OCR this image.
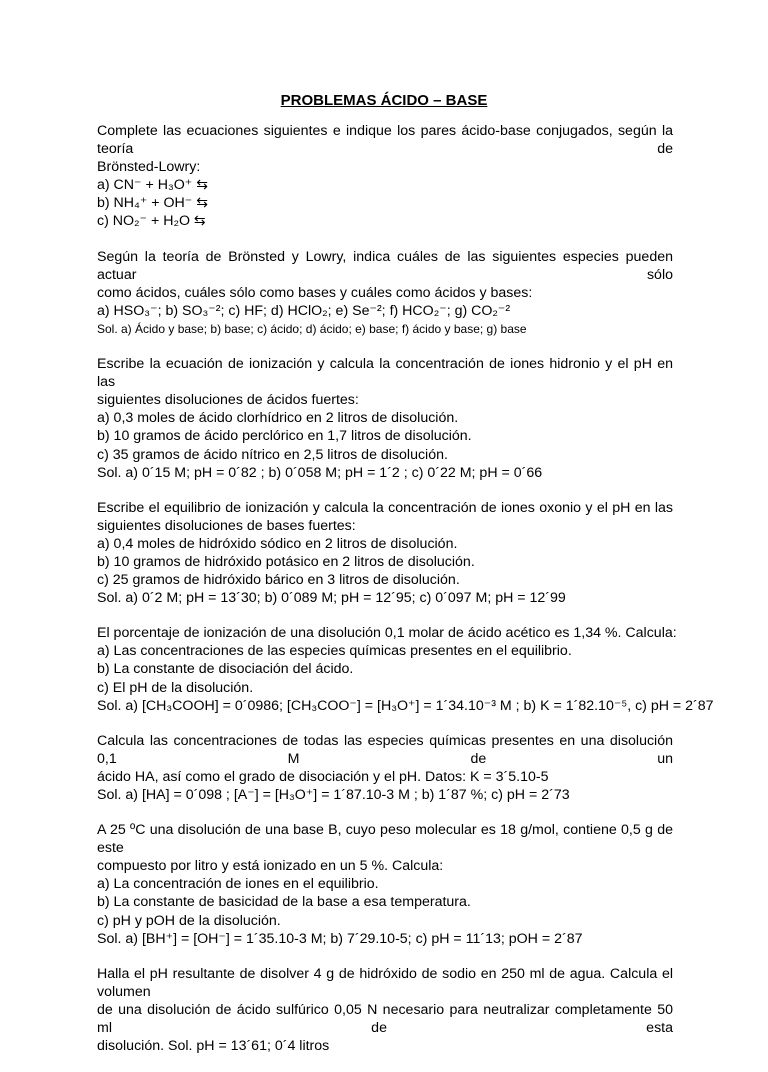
PROBLEMAS ÁCIDO – BASE
Complete las ecuaciones siguientes e indique los pares ácido-base conjugados, según la teoría de
Brönsted-Lowry:
a) CN⁻ + H₃O⁺ ⇆
b) NH₄⁺ + OH⁻ ⇆
c) NO₂⁻ + H₂O ⇆
Según la teoría de Brönsted y Lowry, indica cuáles de las siguientes especies pueden actuar sólo
como ácidos, cuáles sólo como bases y cuáles como ácidos y bases:
a) HSO₃⁻; b) SO₃⁻²; c) HF; d) HClO₂; e) Se⁻²; f) HCO₂⁻; g) CO₂⁻²
Sol. a) Ácido y base; b) base; c) ácido; d) ácido; e) base; f) ácido y base; g) base
Escribe la ecuación de ionización y calcula la concentración de iones hidronio y el pH en las
siguientes disoluciones de ácidos fuertes:
a) 0,3 moles de ácido clorhídrico en 2 litros de disolución.
b) 10 gramos de ácido perclórico en 1,7 litros de disolución.
c) 35 gramos de ácido nítrico en 2,5 litros de disolución.
Sol. a) 0´15 M; pH = 0´82 ; b) 0´058 M; pH = 1´2 ; c) 0´22 M; pH = 0´66
Escribe el equilibrio de ionización y calcula la concentración de iones oxonio y el pH en las
siguientes disoluciones de bases fuertes:
a) 0,4 moles de hidróxido sódico en 2 litros de disolución.
b) 10 gramos de hidróxido potásico en 2 litros de disolución.
c) 25 gramos de hidróxido bárico en 3 litros de disolución.
Sol. a) 0´2 M; pH = 13´30; b) 0´089 M; pH = 12´95; c) 0´097 M; pH = 12´99
El porcentaje de ionización de una disolución 0,1 molar de ácido acético es 1,34 %. Calcula:
a) Las concentraciones de las especies químicas presentes en el equilibrio.
b) La constante de disociación del ácido.
c) El pH de la disolución.
Sol. a) [CH₃COOH] = 0´0986; [CH₃COO⁻] = [H₃O⁺] = 1´34.10⁻³ M ; b) K = 1´82.10⁻⁵, c) pH = 2´87
Calcula las concentraciones de todas las especies químicas presentes en una disolución 0,1 M de un
ácido HA, así como el grado de disociación y el pH. Datos: K = 3´5.10-5
Sol. a) [HA] = 0´098 ; [A⁻] = [H₃O⁺] = 1´87.10-3 M ; b) 1´87 %; c) pH = 2´73
A 25 ºC una disolución de una base B, cuyo peso molecular es 18 g/mol, contiene 0,5 g de este
compuesto por litro y está ionizado en un 5 %. Calcula:
a) La concentración de iones en el equilibrio.
b) La constante de basicidad de la base a esa temperatura.
c) pH y pOH de la disolución.
Sol. a) [BH⁺] = [OH⁻] = 1´35.10-3 M; b) 7´29.10-5; c) pH = 11´13; pOH = 2´87
Halla el pH resultante de disolver 4 g de hidróxido de sodio en 250 ml de agua. Calcula el volumen
de una disolución de ácido sulfúrico 0,05 N necesario para neutralizar completamente 50 ml de esta
disolución. Sol. pH = 13´61; 0´4 litros
